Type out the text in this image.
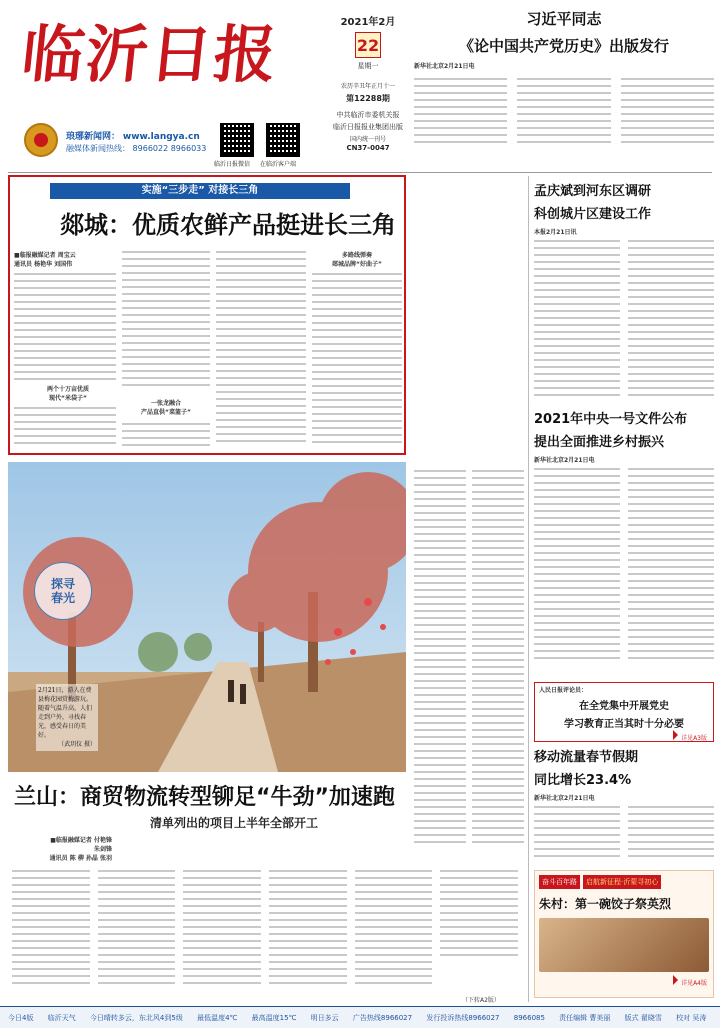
临沂日报
琅琊新闻网： www.langya.cn
融媒体新闻热线： 8966022 8966033
临沂日报微信 在临沂客户端
2021年2月
22
星期一
农历辛丑年正月十一
第12288期
中共临沂市委机关报
临沂日报报业集团出版
国内统一刊号
CN37-0047
习近平同志
《论中国共产党历史》出版发行
新华社北京2月21日电
实施“三步走” 对接长三角
郯城：优质农鲜产品挺进长三角
■临报融媒记者 周宝云
通讯员 杨艳华 刘国伟
两个十万亩优质
现代“米袋子”
一张龙融合
产品直供“菜篮子”
多路线弹奏
郯城品牌“好曲子”
探寻春光
2月21日，游人在费县梅花园赏梅游玩。随着气温升高，人们走到户外，寻找春光，感受春日的美好。
（武玥仪 摄）
兰山：商贸物流转型铆足“牛劲”加速跑
清单列出的项目上半年全部开工
■临报融媒记者 付艳锋
朱剑锋
通讯员 陈 柳 孙晶 张羽
（下转A2版）
孟庆斌到河东区调研
科创城片区建设工作
本报2月21日讯
2021年中央一号文件公布
提出全面推进乡村振兴
新华社北京2月21日电
人民日报评论员：
在全党集中开展党史
学习教育正当其时十分必要
详见A3版
移动流量春节假期
同比增长23.4%
新华社北京2月21日电
奋斗百年路	启航新征程·沂蒙寻初心
朱村：第一碗饺子祭英烈
详见A4版
今日4版 临沂天气 今日晴转多云，东北风4到5级 最低温度4℃ 最高温度15℃ 明日多云 广告热线8966027 发行投诉热线8966027 8966085 责任编辑 曹美丽 版式 翟晓雪 校对 吴涛
